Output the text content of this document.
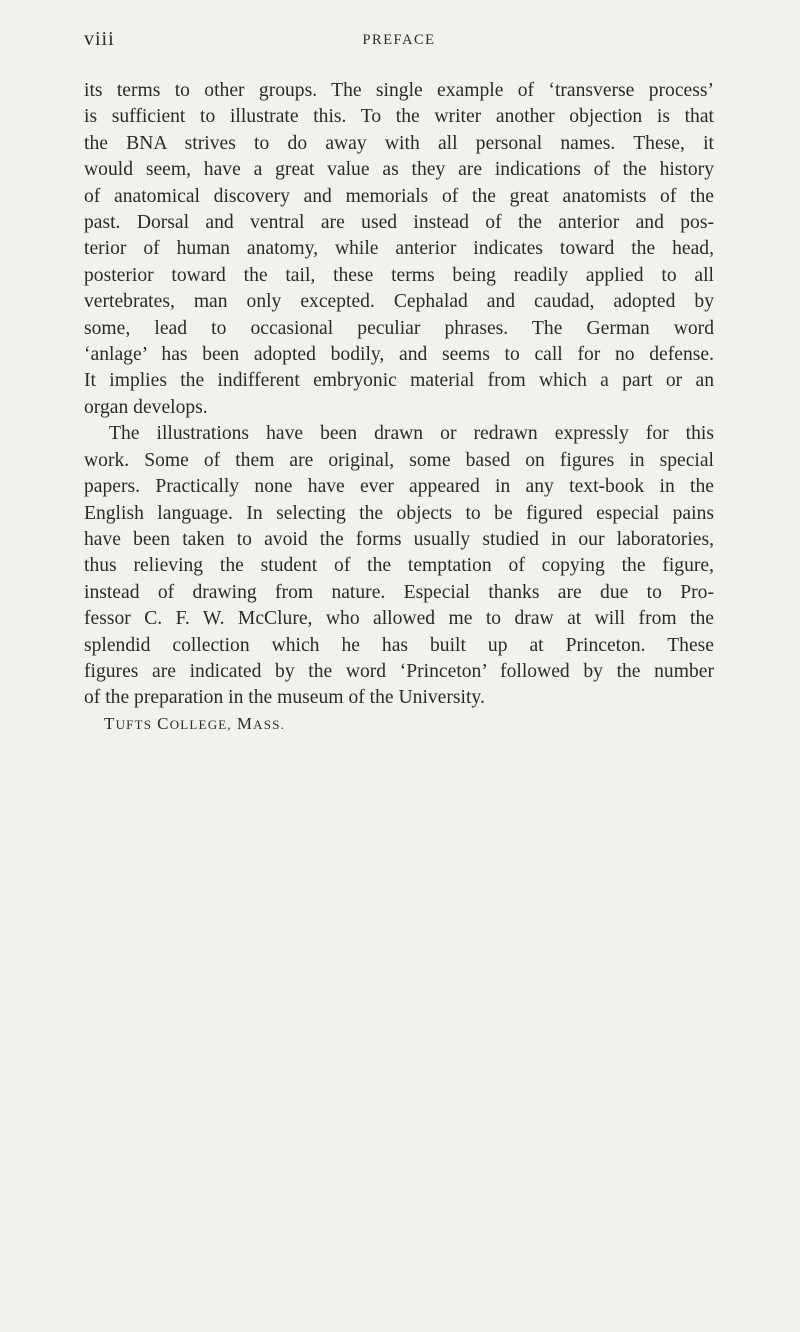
viii	PREFACE
its terms to other groups. The single example of ‘transverse process’
is sufficient to illustrate this. To the writer another objection is that
the BNA strives to do away with all personal names. These, it
would seem, have a great value as they are indications of the history
of anatomical discovery and memorials of the great anatomists of the
past. Dorsal and ventral are used instead of the anterior and pos-
terior of human anatomy, while anterior indicates toward the head,
posterior toward the tail, these terms being readily applied to all
vertebrates, man only excepted. Cephalad and caudad, adopted by
some, lead to occasional peculiar phrases. The German word
‘anlage’ has been adopted bodily, and seems to call for no defense.
It implies the indifferent embryonic material from which a part or an
organ develops.
The illustrations have been drawn or redrawn expressly for this
work. Some of them are original, some based on figures in special
papers. Practically none have ever appeared in any text-book in the
English language. In selecting the objects to be figured especial pains
have been taken to avoid the forms usually studied in our laboratories,
thus relieving the student of the temptation of copying the figure,
instead of drawing from nature. Especial thanks are due to Pro-
fessor C. F. W. McClure, who allowed me to draw at will from the
splendid collection which he has built up at Princeton. These
figures are indicated by the word ‘Princeton’ followed by the number
of the preparation in the museum of the University.
TUFTS COLLEGE, MASS.
